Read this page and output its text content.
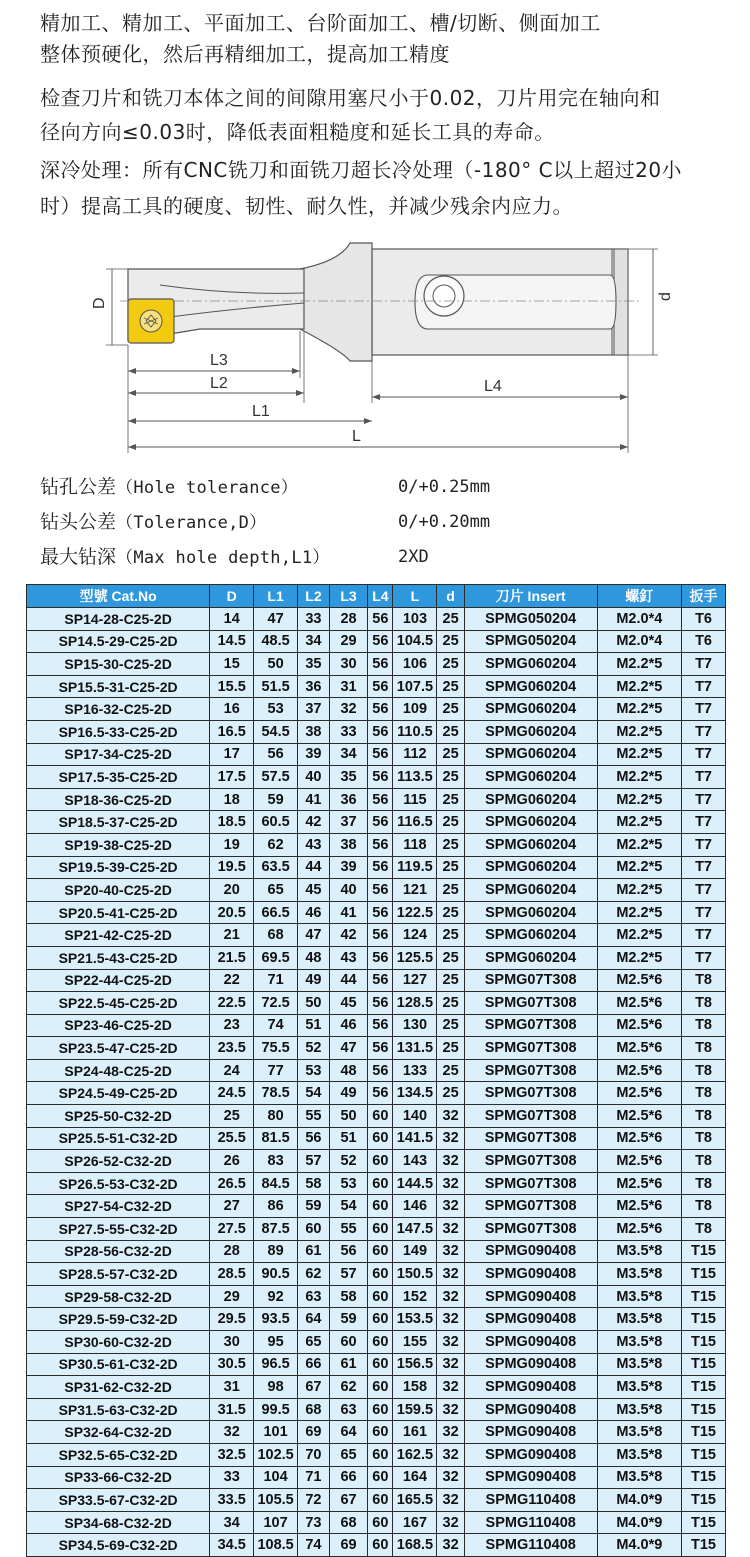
精加工、精加工、平面加工、台阶面加工、槽/切断、侧面加工
整体预硬化，然后再精细加工，提高加工精度
检查刀片和铣刀本体之间的间隙用塞尺小于0.02，刀片用完在轴向和
径向方向≤0.03时，降低表面粗糙度和延长工具的寿命。
深冷处理：所有CNC铣刀和面铣刀超长冷处理（-180° C以上超过20小
时）提高工具的硬度、韧性、耐久性，并减少残余内应力。
D
d
L3
L2	L4
L1
L
钻孔公差（Hole tolerance）	0/+0.25mm
钻头公差（Tolerance,D）	0/+0.20mm
最大钻深（Max hole depth,L1）	2XD
型號 Cat.No	D	L1	L2	L3	L4	L	d	刀片 Insert	螺釘	扳手
SP14-28-C25-2D	14	47	33	28	56	103	25	SPMG050204	M2.0*4	T6
SP14.5-29-C25-2D	14.5	48.5	34	29	56	104.5	25	SPMG050204	M2.0*4	T6
SP15-30-C25-2D	15	50	35	30	56	106	25	SPMG060204	M2.2*5	T7
SP15.5-31-C25-2D	15.5	51.5	36	31	56	107.5	25	SPMG060204	M2.2*5	T7
SP16-32-C25-2D	16	53	37	32	56	109	25	SPMG060204	M2.2*5	T7
SP16.5-33-C25-2D	16.5	54.5	38	33	56	110.5	25	SPMG060204	M2.2*5	T7
SP17-34-C25-2D	17	56	39	34	56	112	25	SPMG060204	M2.2*5	T7
SP17.5-35-C25-2D	17.5	57.5	40	35	56	113.5	25	SPMG060204	M2.2*5	T7
SP18-36-C25-2D	18	59	41	36	56	115	25	SPMG060204	M2.2*5	T7
SP18.5-37-C25-2D	18.5	60.5	42	37	56	116.5	25	SPMG060204	M2.2*5	T7
SP19-38-C25-2D	19	62	43	38	56	118	25	SPMG060204	M2.2*5	T7
SP19.5-39-C25-2D	19.5	63.5	44	39	56	119.5	25	SPMG060204	M2.2*5	T7
SP20-40-C25-2D	20	65	45	40	56	121	25	SPMG060204	M2.2*5	T7
SP20.5-41-C25-2D	20.5	66.5	46	41	56	122.5	25	SPMG060204	M2.2*5	T7
SP21-42-C25-2D	21	68	47	42	56	124	25	SPMG060204	M2.2*5	T7
SP21.5-43-C25-2D	21.5	69.5	48	43	56	125.5	25	SPMG060204	M2.2*5	T7
SP22-44-C25-2D	22	71	49	44	56	127	25	SPMG07T308	M2.5*6	T8
SP22.5-45-C25-2D	22.5	72.5	50	45	56	128.5	25	SPMG07T308	M2.5*6	T8
SP23-46-C25-2D	23	74	51	46	56	130	25	SPMG07T308	M2.5*6	T8
SP23.5-47-C25-2D	23.5	75.5	52	47	56	131.5	25	SPMG07T308	M2.5*6	T8
SP24-48-C25-2D	24	77	53	48	56	133	25	SPMG07T308	M2.5*6	T8
SP24.5-49-C25-2D	24.5	78.5	54	49	56	134.5	25	SPMG07T308	M2.5*6	T8
SP25-50-C32-2D	25	80	55	50	60	140	32	SPMG07T308	M2.5*6	T8
SP25.5-51-C32-2D	25.5	81.5	56	51	60	141.5	32	SPMG07T308	M2.5*6	T8
SP26-52-C32-2D	26	83	57	52	60	143	32	SPMG07T308	M2.5*6	T8
SP26.5-53-C32-2D	26.5	84.5	58	53	60	144.5	32	SPMG07T308	M2.5*6	T8
SP27-54-C32-2D	27	86	59	54	60	146	32	SPMG07T308	M2.5*6	T8
SP27.5-55-C32-2D	27.5	87.5	60	55	60	147.5	32	SPMG07T308	M2.5*6	T8
SP28-56-C32-2D	28	89	61	56	60	149	32	SPMG090408	M3.5*8	T15
SP28.5-57-C32-2D	28.5	90.5	62	57	60	150.5	32	SPMG090408	M3.5*8	T15
SP29-58-C32-2D	29	92	63	58	60	152	32	SPMG090408	M3.5*8	T15
SP29.5-59-C32-2D	29.5	93.5	64	59	60	153.5	32	SPMG090408	M3.5*8	T15
SP30-60-C32-2D	30	95	65	60	60	155	32	SPMG090408	M3.5*8	T15
SP30.5-61-C32-2D	30.5	96.5	66	61	60	156.5	32	SPMG090408	M3.5*8	T15
SP31-62-C32-2D	31	98	67	62	60	158	32	SPMG090408	M3.5*8	T15
SP31.5-63-C32-2D	31.5	99.5	68	63	60	159.5	32	SPMG090408	M3.5*8	T15
SP32-64-C32-2D	32	101	69	64	60	161	32	SPMG090408	M3.5*8	T15
SP32.5-65-C32-2D	32.5	102.5	70	65	60	162.5	32	SPMG090408	M3.5*8	T15
SP33-66-C32-2D	33	104	71	66	60	164	32	SPMG090408	M3.5*8	T15
SP33.5-67-C32-2D	33.5	105.5	72	67	60	165.5	32	SPMG110408	M4.0*9	T15
SP34-68-C32-2D	34	107	73	68	60	167	32	SPMG110408	M4.0*9	T15
SP34.5-69-C32-2D	34.5	108.5	74	69	60	168.5	32	SPMG110408	M4.0*9	T15
